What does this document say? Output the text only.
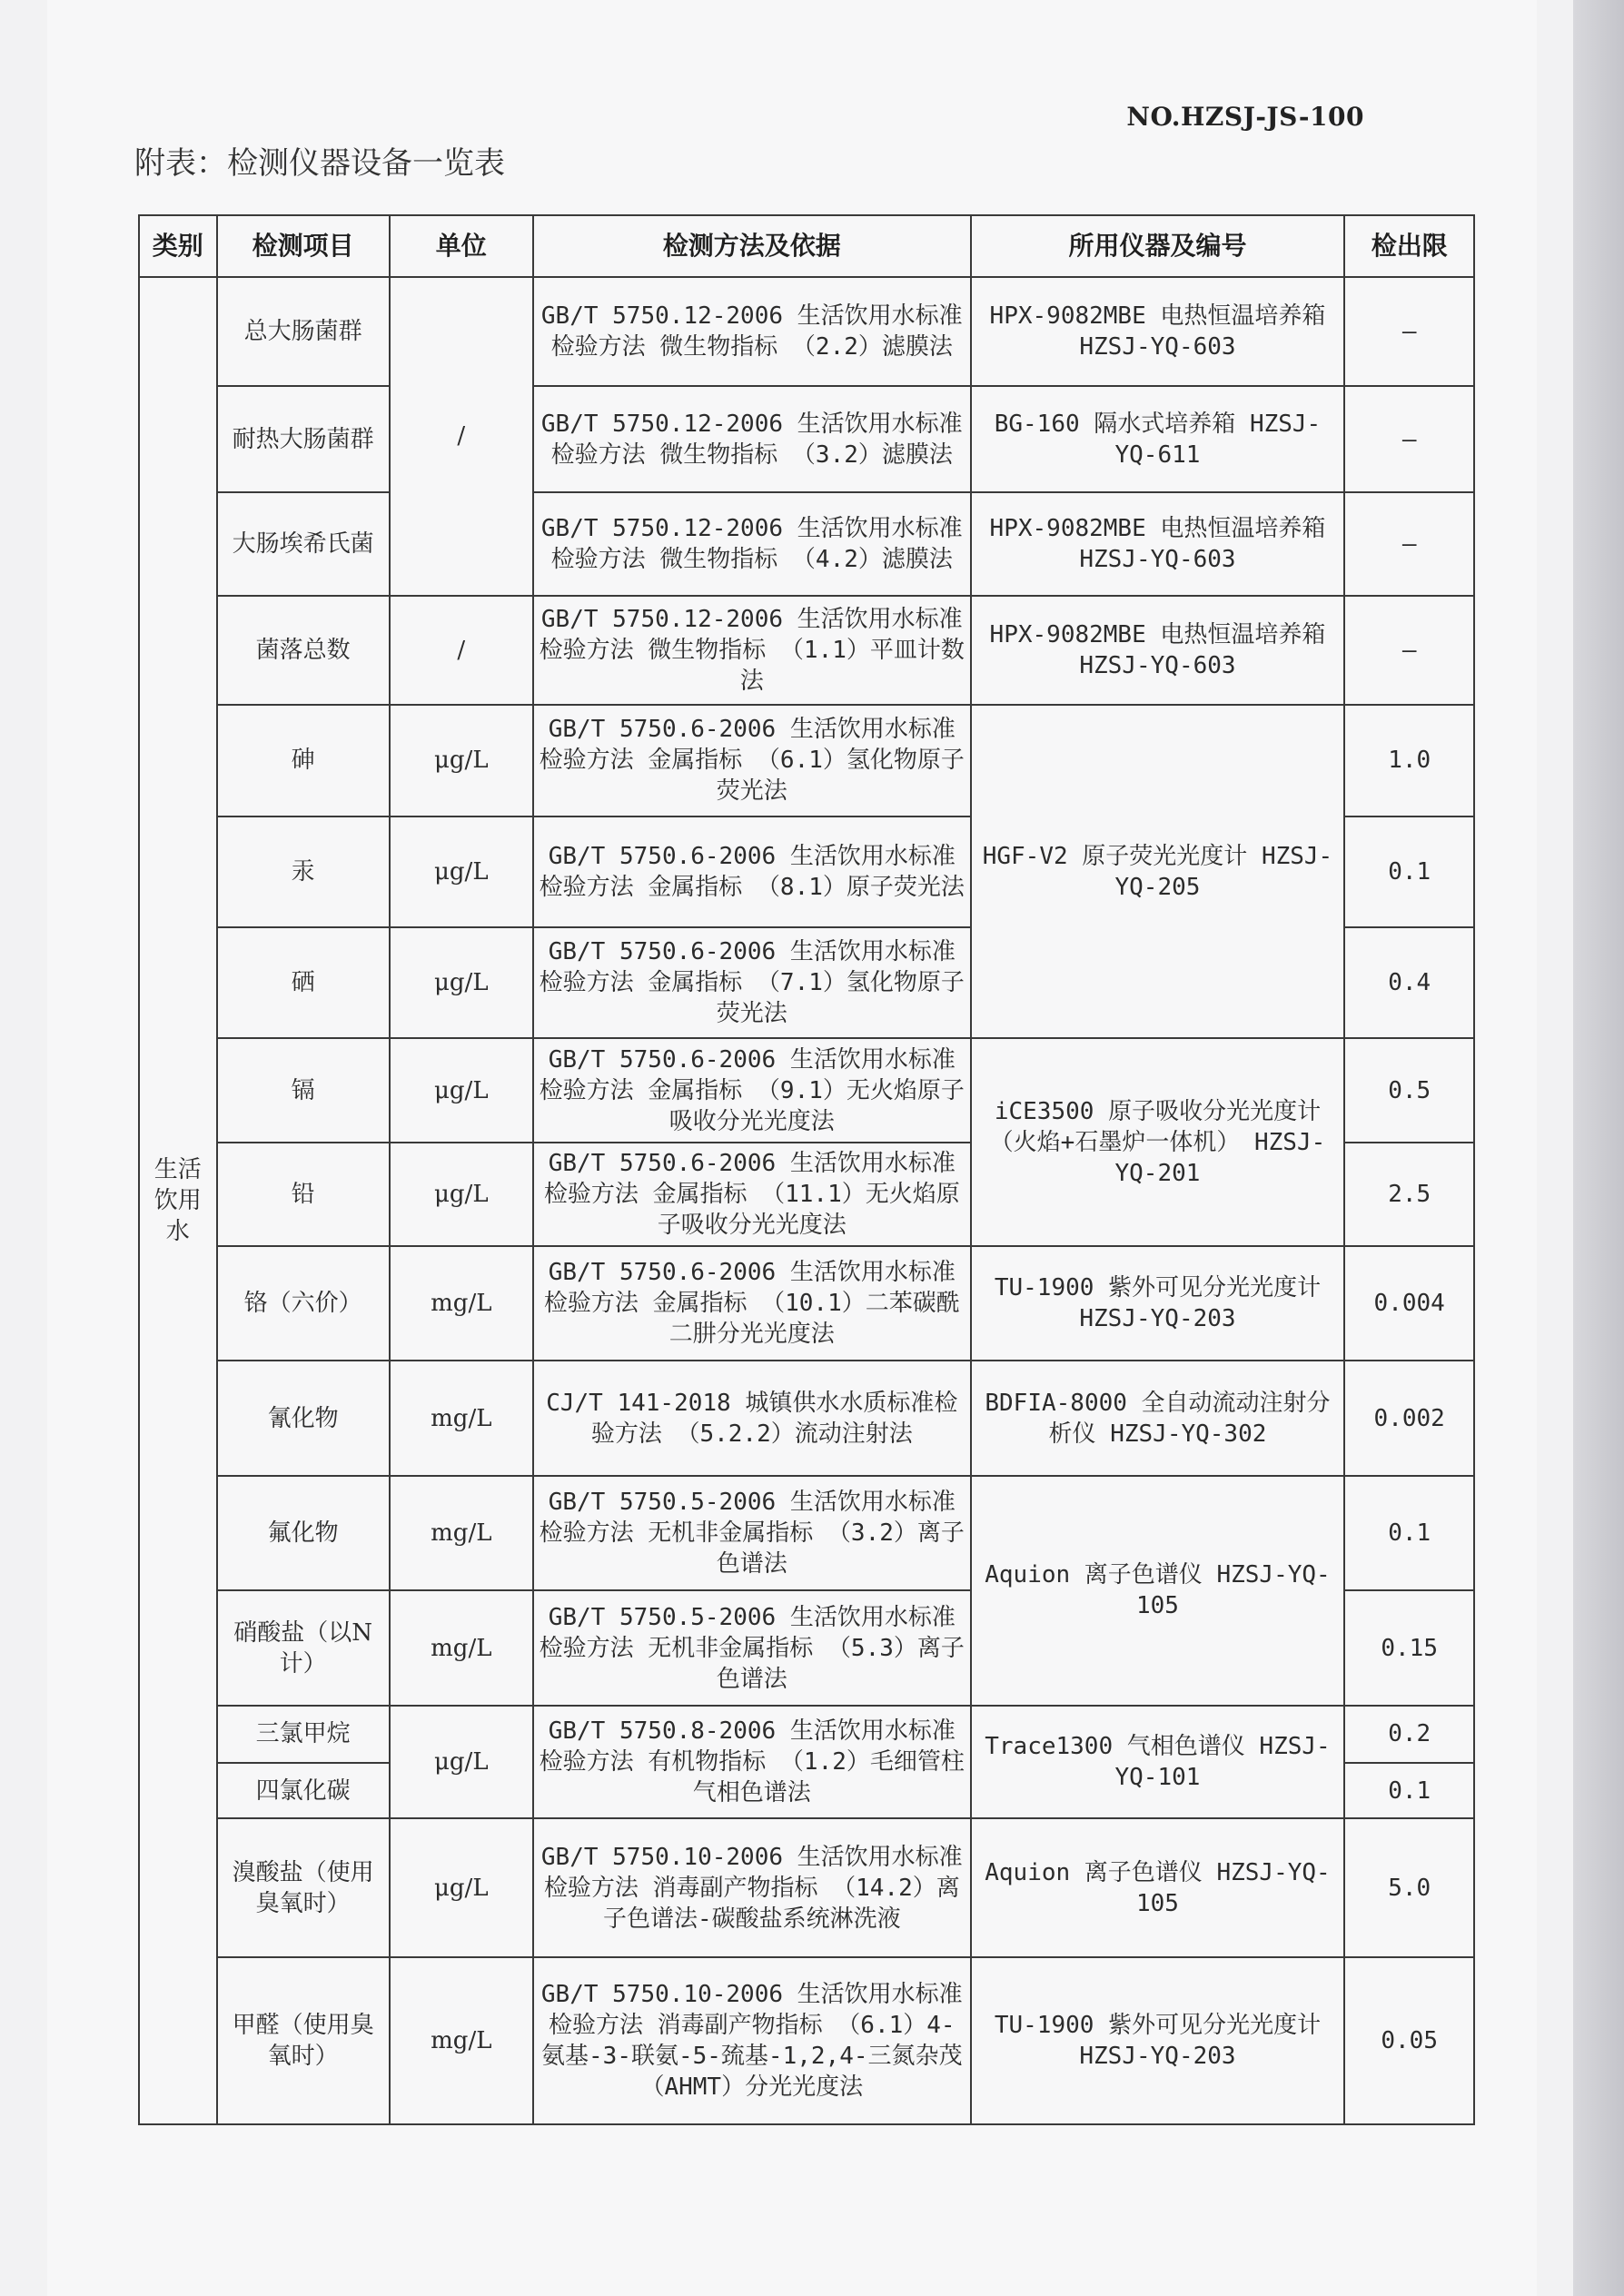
NO.HZSJ-JS-100
附表：检测仪器设备一览表
类别	检测项目	单位	检测方法及依据	所用仪器及编号	检出限
生活饮用水	总大肠菌群	/	GB/T 5750.12-2006 生活饮用水标准检验方法 微生物指标 （2.2）滤膜法	HPX-9082MBE 电热恒温培养箱 HZSJ-YQ-603	—
	耐热大肠菌群		GB/T 5750.12-2006 生活饮用水标准检验方法 微生物指标 （3.2）滤膜法	BG-160 隔水式培养箱 HZSJ-YQ-611	—
	大肠埃希氏菌		GB/T 5750.12-2006 生活饮用水标准检验方法 微生物指标 （4.2）滤膜法	HPX-9082MBE 电热恒温培养箱 HZSJ-YQ-603	—
	菌落总数	/	GB/T 5750.12-2006 生活饮用水标准检验方法 微生物指标 （1.1）平皿计数法	HPX-9082MBE 电热恒温培养箱 HZSJ-YQ-603	—
	砷	μg/L	GB/T 5750.6-2006 生活饮用水标准检验方法 金属指标 （6.1）氢化物原子荧光法	HGF-V2 原子荧光光度计 HZSJ-YQ-205	1.0
	汞	μg/L	GB/T 5750.6-2006 生活饮用水标准检验方法 金属指标 （8.1）原子荧光法		0.1
	硒	μg/L	GB/T 5750.6-2006 生活饮用水标准检验方法 金属指标 （7.1）氢化物原子荧光法		0.4
	镉	μg/L	GB/T 5750.6-2006 生活饮用水标准检验方法 金属指标 （9.1）无火焰原子吸收分光光度法	iCE3500 原子吸收分光光度计 （火焰+石墨炉一体机） HZSJ-YQ-201	0.5
	铅	μg/L	GB/T 5750.6-2006 生活饮用水标准检验方法 金属指标 （11.1）无火焰原子吸收分光光度法		2.5
	铬（六价）	mg/L	GB/T 5750.6-2006 生活饮用水标准检验方法 金属指标 （10.1）二苯碳酰二肼分光光度法	TU-1900 紫外可见分光光度计 HZSJ-YQ-203	0.004
	氰化物	mg/L	CJ/T 141-2018 城镇供水水质标准检验方法 （5.2.2）流动注射法	BDFIA-8000 全自动流动注射分析仪 HZSJ-YQ-302	0.002
	氟化物	mg/L	GB/T 5750.5-2006 生活饮用水标准检验方法 无机非金属指标 （3.2）离子色谱法	Aquion 离子色谱仪 HZSJ-YQ-105	0.1
	硝酸盐（以N计）	mg/L	GB/T 5750.5-2006 生活饮用水标准检验方法 无机非金属指标 （5.3）离子色谱法		0.15
	三氯甲烷	μg/L	GB/T 5750.8-2006 生活饮用水标准检验方法 有机物指标 （1.2）毛细管柱气相色谱法	Trace1300 气相色谱仪 HZSJ-YQ-101	0.2
	四氯化碳				0.1
	溴酸盐（使用臭氧时）	μg/L	GB/T 5750.10-2006 生活饮用水标准检验方法 消毒副产物指标 （14.2）离子色谱法-碳酸盐系统淋洗液	Aquion 离子色谱仪 HZSJ-YQ-105	5.0
	甲醛（使用臭氧时）	mg/L	GB/T 5750.10-2006 生活饮用水标准检验方法 消毒副产物指标 （6.1）4-氨基-3-联氨-5-巯基-1,2,4-三氮杂茂（AHMT）分光光度法	TU-1900 紫外可见分光光度计 HZSJ-YQ-203	0.05
